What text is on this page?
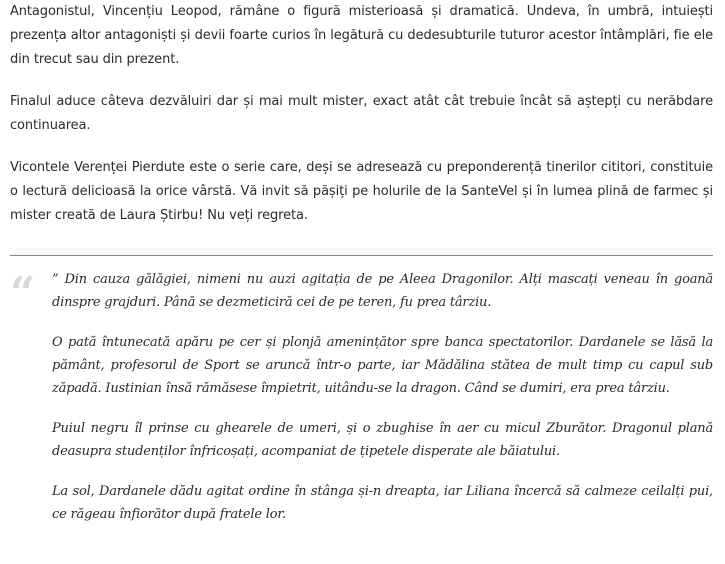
Antagonistul, Vincențiu Leopod, rămâne o figură misterioasă și dramatică. Undeva, în umbră, intuiești prezența altor antagoniști și devii foarte curios în legătură cu dedesubturile tuturor acestor întâmplări, fie ele din trecut sau din prezent.

Finalul aduce câteva dezvăluiri dar și mai mult mister, exact atât cât trebuie încât să aștepți cu nerăbdare continuarea.

Vicontele Verenței Pierdute este o serie care, deși se adresează cu preponderență tinerilor cititori, constituie o lectură delicioasă la orice vârstă. Vă invit să pășiți pe holurile de la SanteVel și în lumea plină de farmec și mister creată de Laura Știrbu! Nu veți regreta.

“ ” Din cauza gălăgiei, nimeni nu auzi agitația de pe Aleea Dragonilor. Alți mascați veneau în goană dinspre grajduri. Până se dezmeticiră cei de pe teren, fu prea târziu.

O pată întunecată apăru pe cer și plonjă amenințător spre banca spectatorilor. Dardanele se lăsă la pământ, profesorul de Sport se aruncă într-o parte, iar Mădălina stătea de mult timp cu capul sub zăpadă. Iustinian însă rămăsese împietrit, uitându-se la dragon. Când se dumiri, era prea târziu.

Puiul negru îl prinse cu ghearele de umeri, și o zbughise în aer cu micul Zburător. Dragonul plană deasupra studenților înfricoșați, acompaniat de țipetele disperate ale băiatului.

La sol, Dardanele dădu agitat ordine în stânga și-n dreapta, iar Liliana încercă să calmeze ceilalți pui, ce răgeau înfiorător după fratele lor.
